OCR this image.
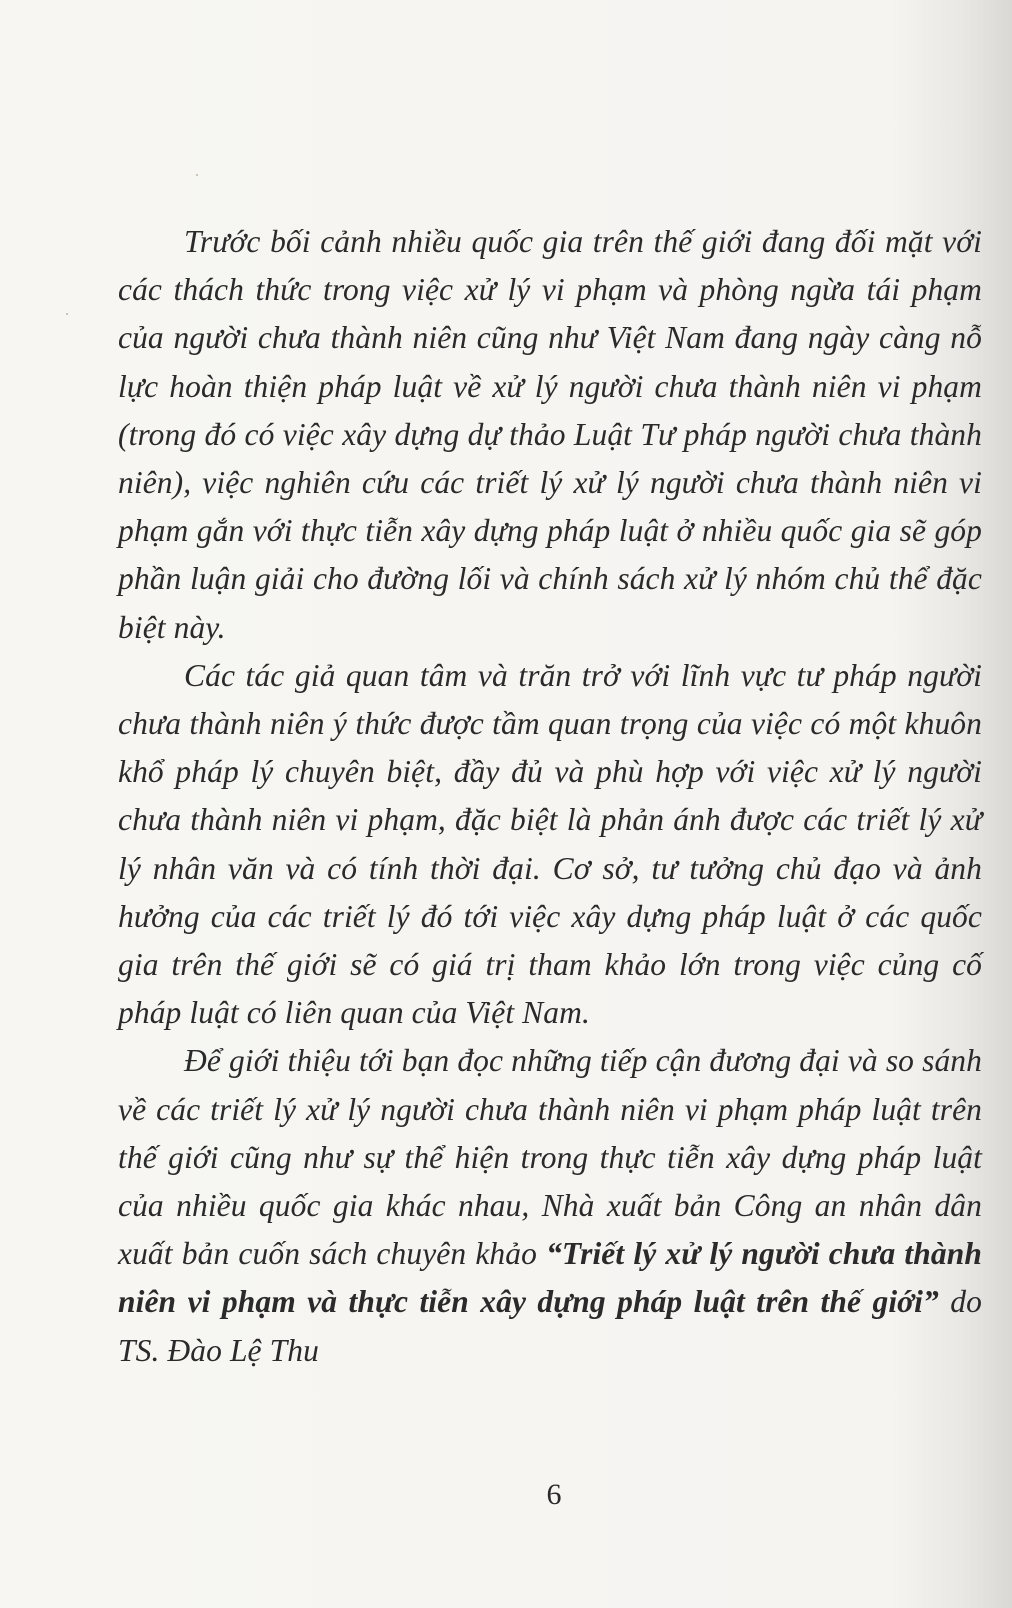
Trước bối cảnh nhiều quốc gia trên thế giới đang đối mặt với các thách thức trong việc xử lý vi phạm và phòng ngừa tái phạm của người chưa thành niên cũng như Việt Nam đang ngày càng nỗ lực hoàn thiện pháp luật về xử lý người chưa thành niên vi phạm (trong đó có việc xây dựng dự thảo Luật Tư pháp người chưa thành niên), việc nghiên cứu các triết lý xử lý người chưa thành niên vi phạm gắn với thực tiễn xây dựng pháp luật ở nhiều quốc gia sẽ góp phần luận giải cho đường lối và chính sách xử lý nhóm chủ thể đặc biệt này.

Các tác giả quan tâm và trăn trở với lĩnh vực tư pháp người chưa thành niên ý thức được tầm quan trọng của việc có một khuôn khổ pháp lý chuyên biệt, đầy đủ và phù hợp với việc xử lý người chưa thành niên vi phạm, đặc biệt là phản ánh được các triết lý xử lý nhân văn và có tính thời đại. Cơ sở, tư tưởng chủ đạo và ảnh hưởng của các triết lý đó tới việc xây dựng pháp luật ở các quốc gia trên thế giới sẽ có giá trị tham khảo lớn trong việc củng cố pháp luật có liên quan của Việt Nam.

Để giới thiệu tới bạn đọc những tiếp cận đương đại và so sánh về các triết lý xử lý người chưa thành niên vi phạm pháp luật trên thế giới cũng như sự thể hiện trong thực tiễn xây dựng pháp luật của nhiều quốc gia khác nhau, Nhà xuất bản Công an nhân dân xuất bản cuốn sách chuyên khảo “Triết lý xử lý người chưa thành niên vi phạm và thực tiễn xây dựng pháp luật trên thế giới” do TS. Đào Lệ Thu

6
